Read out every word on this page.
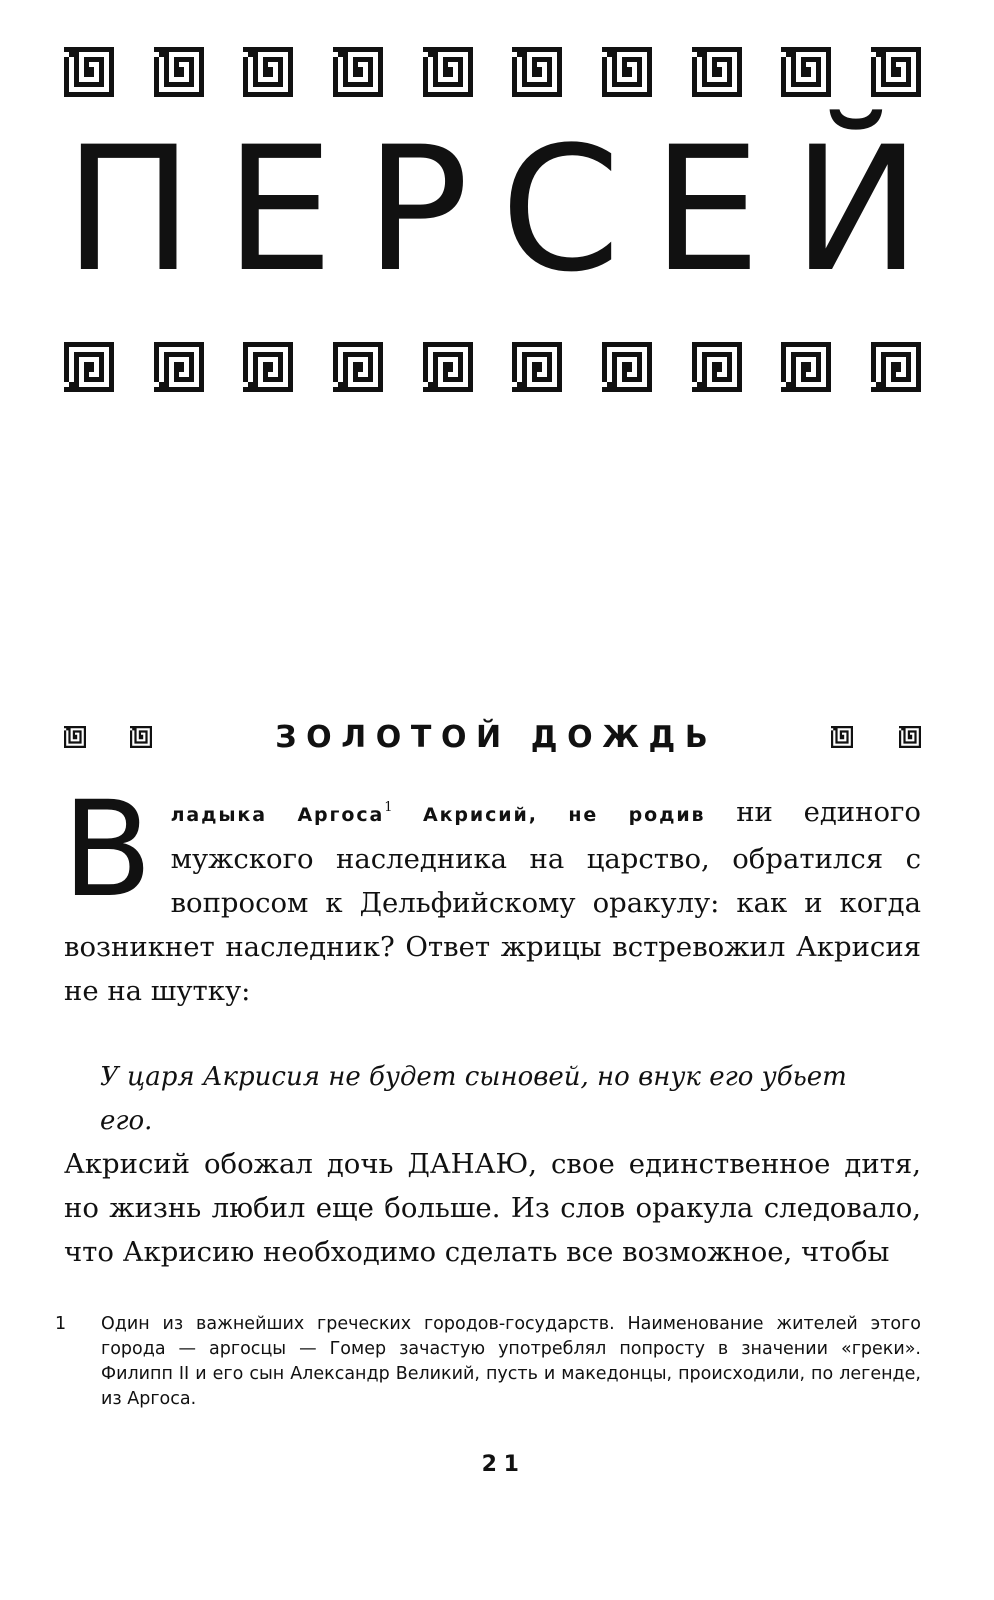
П Е Р С Е Й
ЗОЛОТОЙ ДОЖДЬ

Владыка Аргоса$^1$ Акрисий, не родив ни единого мужского наследника на царство, обратился с вопросом к Дельфийскому оракулу: как и когда возникнет наследник? Ответ жрицы встревожил Акрисия не на шутку:

У царя Акрисия не будет сыновей, но внук его убьет его.

Акрисий обожал дочь ДАНАЮ, свое единственное дитя, но жизнь любил еще больше. Из слов оракула следовало, что Акрисию необходимо сделать все возможное, чтобы

1 Один из важнейших греческих городов-государств. Наименование жителей этого города — аргосцы — Гомер зачастую употреблял попросту в значении «греки». Филипп II и его сын Александр Великий, пусть и македонцы, происходили, по легенде, из Аргоса.
21
